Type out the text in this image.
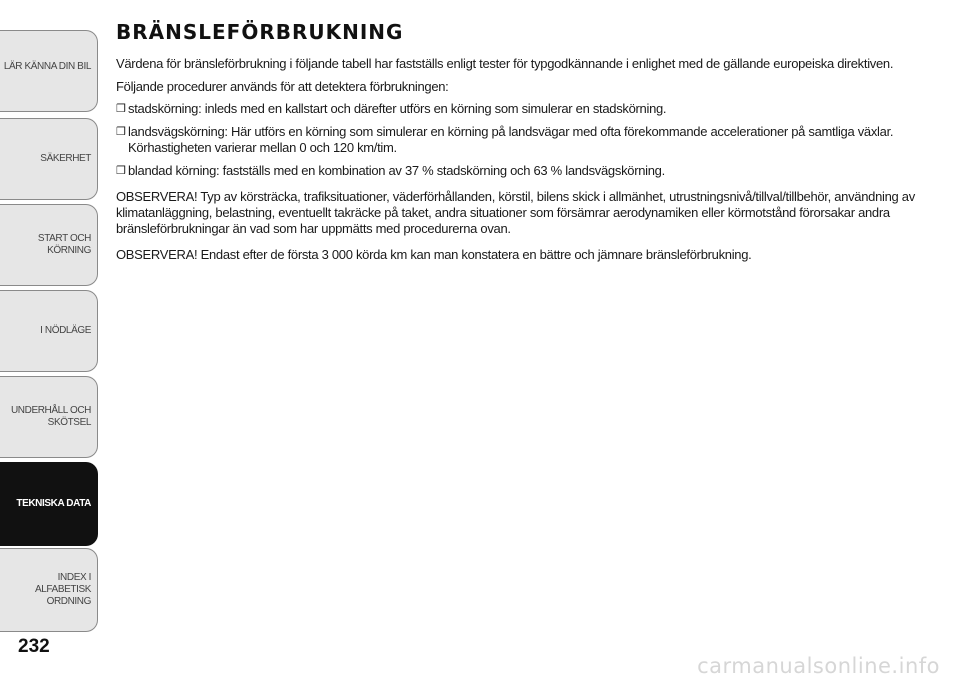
LÄR KÄNNA DIN BIL
SÄKERHET
START OCH KÖRNING
I NÖDLÄGE
UNDERHÅLL OCH SKÖTSEL
TEKNISKA DATA
INDEX I ALFABETISK ORDNING
232
BRÄNSLEFÖRBRUKNING

Värdena för bränsleförbrukning i följande tabell har fastställs enligt tester för typgodkännande i enlighet med de gällande europeiska direktiven.

Följande procedurer används för att detektera förbrukningen:

❒ stadskörning: inleds med en kallstart och därefter utförs en körning som simulerar en stadskörning.

❒ landsvägskörning: Här utförs en körning som simulerar en körning på landsvägar med ofta förekommande accelerationer på samtliga växlar. Körhastigheten varierar mellan 0 och 120 km/tim.

❒ blandad körning: fastställs med en kombination av 37 % stadskörning och 63 % landsvägskörning.

OBSERVERA! Typ av körsträcka, trafiksituationer, väderförhållanden, körstil, bilens skick i allmänhet, utrustningsnivå/tillval/tillbehör, användning av klimatanläggning, belastning, eventuellt takräcke på taket, andra situationer som försämrar aerodynamiken eller körmotstånd förorsakar andra bränsleförbrukningar än vad som har uppmätts med procedurerna ovan.

OBSERVERA! Endast efter de första 3 000 körda km kan man konstatera en bättre och jämnare bränsleförbrukning.

carmanualsonline.info
